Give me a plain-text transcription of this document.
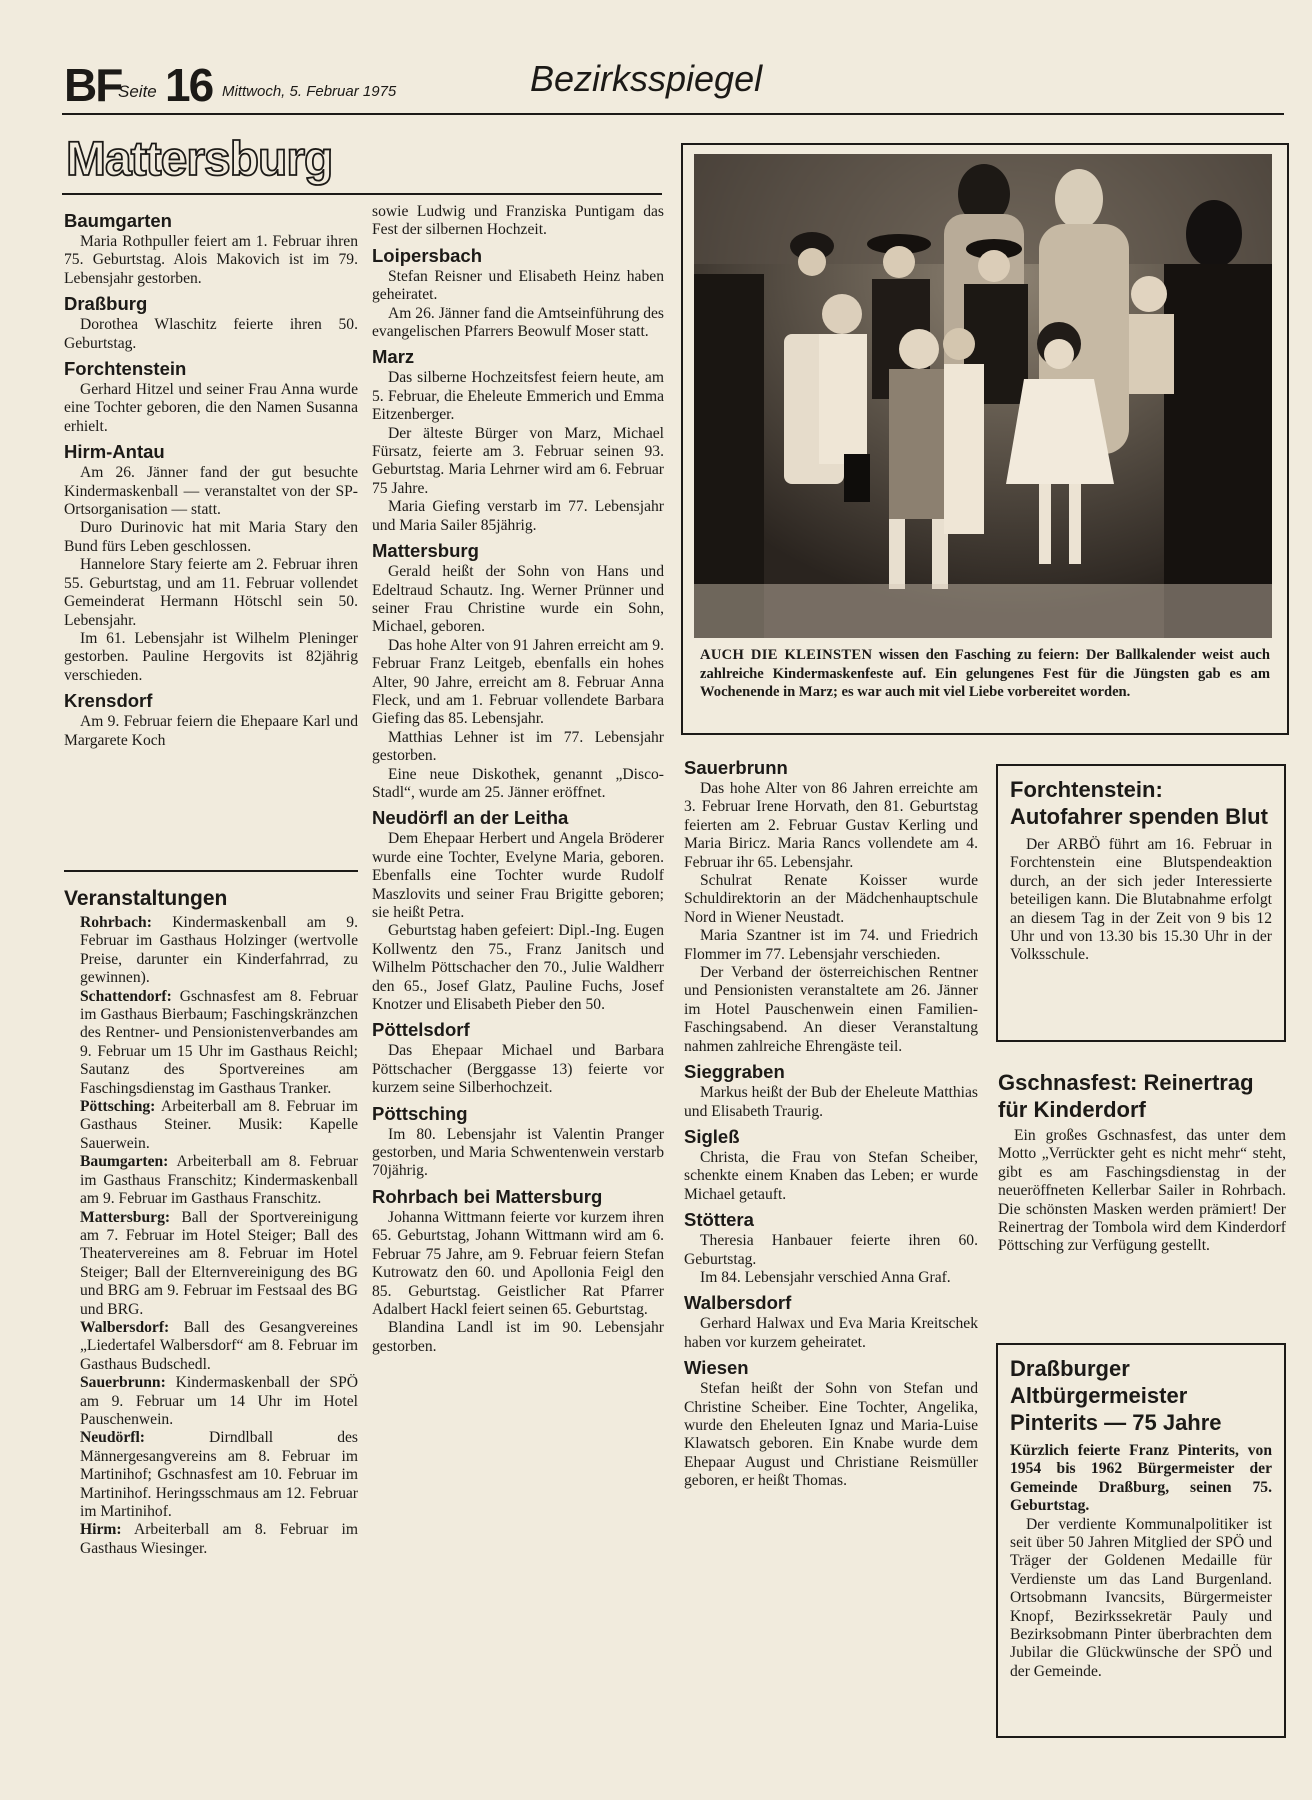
BF
Seite 16 Mittwoch, 5. Februar 1975	Bezirksspiegel
Mattersburg
Baumgarten

Maria Rothpuller feiert am 1. Februar ihren 75. Geburtstag. Alois Makovich ist im 79. Lebensjahr gestorben.

Draßburg

Dorothea Wlaschitz feierte ihren 50. Geburtstag.

Forchtenstein

Gerhard Hitzel und seiner Frau Anna wurde eine Tochter geboren, die den Namen Susanna erhielt.

Hirm-Antau

Am 26. Jänner fand der gut besuchte Kindermaskenball — veranstaltet von der SP-Ortsorganisation — statt.

Duro Durinovic hat mit Maria Stary den Bund fürs Leben geschlossen.

Hannelore Stary feierte am 2. Februar ihren 55. Geburtstag, und am 11. Februar vollendet Gemeinderat Hermann Hötschl sein 50. Lebensjahr.

Im 61. Lebensjahr ist Wilhelm Pleninger gestorben. Pauline Hergovits ist 82jährig verschieden.

Krensdorf

Am 9. Februar feiern die Ehepaare Karl und Margarete Koch

Veranstaltungen

Rohrbach: Kindermaskenball am 9. Februar im Gasthaus Holzinger (wertvolle Preise, darunter ein Kinderfahrrad, zu gewinnen).

Schattendorf: Gschnasfest am 8. Februar im Gasthaus Bierbaum; Faschingskränzchen des Rentner- und Pensionistenverbandes am 9. Februar um 15 Uhr im Gasthaus Reichl; Sautanz des Sportvereines am Faschingsdienstag im Gasthaus Tranker.

Pöttsching: Arbeiterball am 8. Februar im Gasthaus Steiner. Musik: Kapelle Sauerwein.

Baumgarten: Arbeiterball am 8. Februar im Gasthaus Franschitz; Kindermaskenball am 9. Februar im Gasthaus Franschitz.

Mattersburg: Ball der Sportvereinigung am 7. Februar im Hotel Steiger; Ball des Theatervereines am 8. Februar im Hotel Steiger; Ball der Elternvereinigung des BG und BRG am 9. Februar im Festsaal des BG und BRG.

Walbersdorf: Ball des Gesangvereines „Liedertafel Walbersdorf“ am 8. Februar im Gasthaus Budschedl.

Sauerbrunn: Kindermaskenball der SPÖ am 9. Februar um 14 Uhr im Hotel Pauschenwein.

Neudörfl:	Dirndlball des Männergesangvereins am 8. Februar im Martinihof; Gschnasfest am 10. Februar im Martinihof. Heringsschmaus am 12. Februar im Martinihof.

Hirm: Arbeiterball am 8. Februar im Gasthaus Wiesinger.

sowie Ludwig und Franziska Puntigam das Fest der silbernen Hochzeit.

Loipersbach

Stefan Reisner und Elisabeth Heinz haben geheiratet.

Am 26. Jänner fand die Amtseinführung des evangelischen Pfarrers Beowulf Moser statt.

Marz

Das silberne Hochzeitsfest feiern heute, am 5. Februar, die Eheleute Emmerich und Emma Eitzenberger.

Der älteste Bürger von Marz, Michael Fürsatz, feierte am 3. Februar seinen 93. Geburtstag. Maria Lehrner wird am 6. Februar 75 Jahre.

Maria Giefing verstarb im 77. Lebensjahr und Maria Sailer 85jährig.

Mattersburg

Gerald heißt der Sohn von Hans und Edeltraud Schautz. Ing. Werner Prünner und seiner Frau Christine wurde ein Sohn, Michael, geboren.

Das hohe Alter von 91 Jahren erreicht am 9. Februar Franz Leitgeb, ebenfalls ein hohes Alter, 90 Jahre, erreicht am 8. Februar Anna Fleck, und am 1. Februar vollendete Barbara Giefing das 85. Lebensjahr.

Matthias Lehner ist im 77. Lebensjahr gestorben.

Eine neue Diskothek, genannt „Disco-Stadl“, wurde am 25. Jänner eröffnet.

Neudörfl an der Leitha

Dem Ehepaar Herbert und Angela Bröderer wurde eine Tochter, Evelyne Maria, geboren. Ebenfalls eine Tochter wurde Rudolf Maszlovits und seiner Frau Brigitte geboren; sie heißt Petra.

Geburtstag haben gefeiert: Dipl.-Ing. Eugen Kollwentz den 75., Franz Janitsch und Wilhelm Pöttschacher den 70., Julie Waldherr den 65., Josef Glatz, Pauline Fuchs, Josef Knotzer und Elisabeth Pieber den 50.

Pöttelsdorf

Das Ehepaar Michael und Barbara Pöttschacher (Berggasse 13) feierte vor kurzem seine Silberhochzeit.

Pöttsching

Im 80. Lebensjahr ist Valentin Pranger gestorben, und Maria Schwentenwein verstarb 70jährig.

Rohrbach bei Mattersburg

Johanna Wittmann feierte vor kurzem ihren 65. Geburtstag, Johann Wittmann wird am 6. Februar 75 Jahre, am 9. Februar feiern Stefan Kutrowatz den 60. und Apollonia Feigl den 85. Geburtstag. Geistlicher Rat Pfarrer Adalbert Hackl feiert seinen 65. Geburtstag.

Blandina Landl ist im 90. Lebensjahr gestorben.

AUCH DIE KLEINSTEN wissen den Fasching zu feiern: Der Ballkalender weist auch zahlreiche Kindermaskenfeste auf. Ein gelungenes Fest für die Jüngsten gab es am Wochenende in Marz; es war auch mit viel Liebe vorbereitet worden.
Sauerbrunn

Das hohe Alter von 86 Jahren erreichte am 3. Februar Irene Horvath, den 81. Geburtstag feierten am 2. Februar Gustav Kerling und Maria Biricz. Maria Rancs vollendete am 4. Februar ihr 65. Lebensjahr.

Schulrat Renate Koisser wurde Schuldirektorin an der Mädchenhauptschule Nord in Wiener Neustadt.

Maria Szantner ist im 74. und Friedrich Flommer im 77. Lebensjahr verschieden.

Der Verband der österreichischen Rentner und Pensionisten veranstaltete am 26. Jänner im Hotel Pauschenwein einen Familien-Faschingsabend. An dieser Veranstaltung nahmen zahlreiche Ehrengäste teil.

Sieggraben

Markus heißt der Bub der Eheleute Matthias und Elisabeth Traurig.

Sigleß

Christa, die Frau von Stefan Scheiber, schenkte einem Knaben das Leben; er wurde Michael getauft.

Stöttera

Theresia Hanbauer feierte ihren 60. Geburtstag.

Im 84. Lebensjahr verschied Anna Graf.

Walbersdorf

Gerhard Halwax und Eva Maria Kreitschek haben vor kurzem geheiratet.

Wiesen

Stefan heißt der Sohn von Stefan und Christine Scheiber. Eine Tochter, Angelika, wurde den Eheleuten Ignaz und Maria-Luise Klawatsch geboren. Ein Knabe wurde dem Ehepaar August und Christiane Reismüller geboren, er heißt Thomas.

Forchtenstein: Autofahrer spenden Blut

Der ARBÖ führt am 16. Februar in Forchtenstein eine Blutspendeaktion durch, an der sich jeder Interessierte beteiligen kann. Die Blutabnahme erfolgt an diesem Tag in der Zeit von 9 bis 12 Uhr und von 13.30 bis 15.30 Uhr in der Volksschule.

Gschnasfest: Reinertrag für Kinderdorf

Ein großes Gschnasfest, das unter dem Motto „Verrückter geht es nicht mehr“ steht, gibt es am Faschingsdienstag in der neueröffneten Kellerbar Sailer in Rohrbach. Die schönsten Masken werden prämiert! Der Reinertrag der Tombola wird dem Kinderdorf Pöttsching zur Verfügung gestellt.

Draßburger Altbürgermeister Pinterits — 75 Jahre

Kürzlich feierte Franz Pinterits, von 1954 bis 1962 Bürgermeister der Gemeinde Draßburg, seinen 75. Geburtstag.

Der verdiente Kommunalpolitiker ist seit über 50 Jahren Mitglied der SPÖ und Träger der Goldenen Medaille für Verdienste um das Land Burgenland. Ortsobmann Ivancsits, Bürgermeister Knopf, Bezirkssekretär Pauly und Bezirksobmann Pinter überbrachten dem Jubilar die Glückwünsche der SPÖ und der Gemeinde.
